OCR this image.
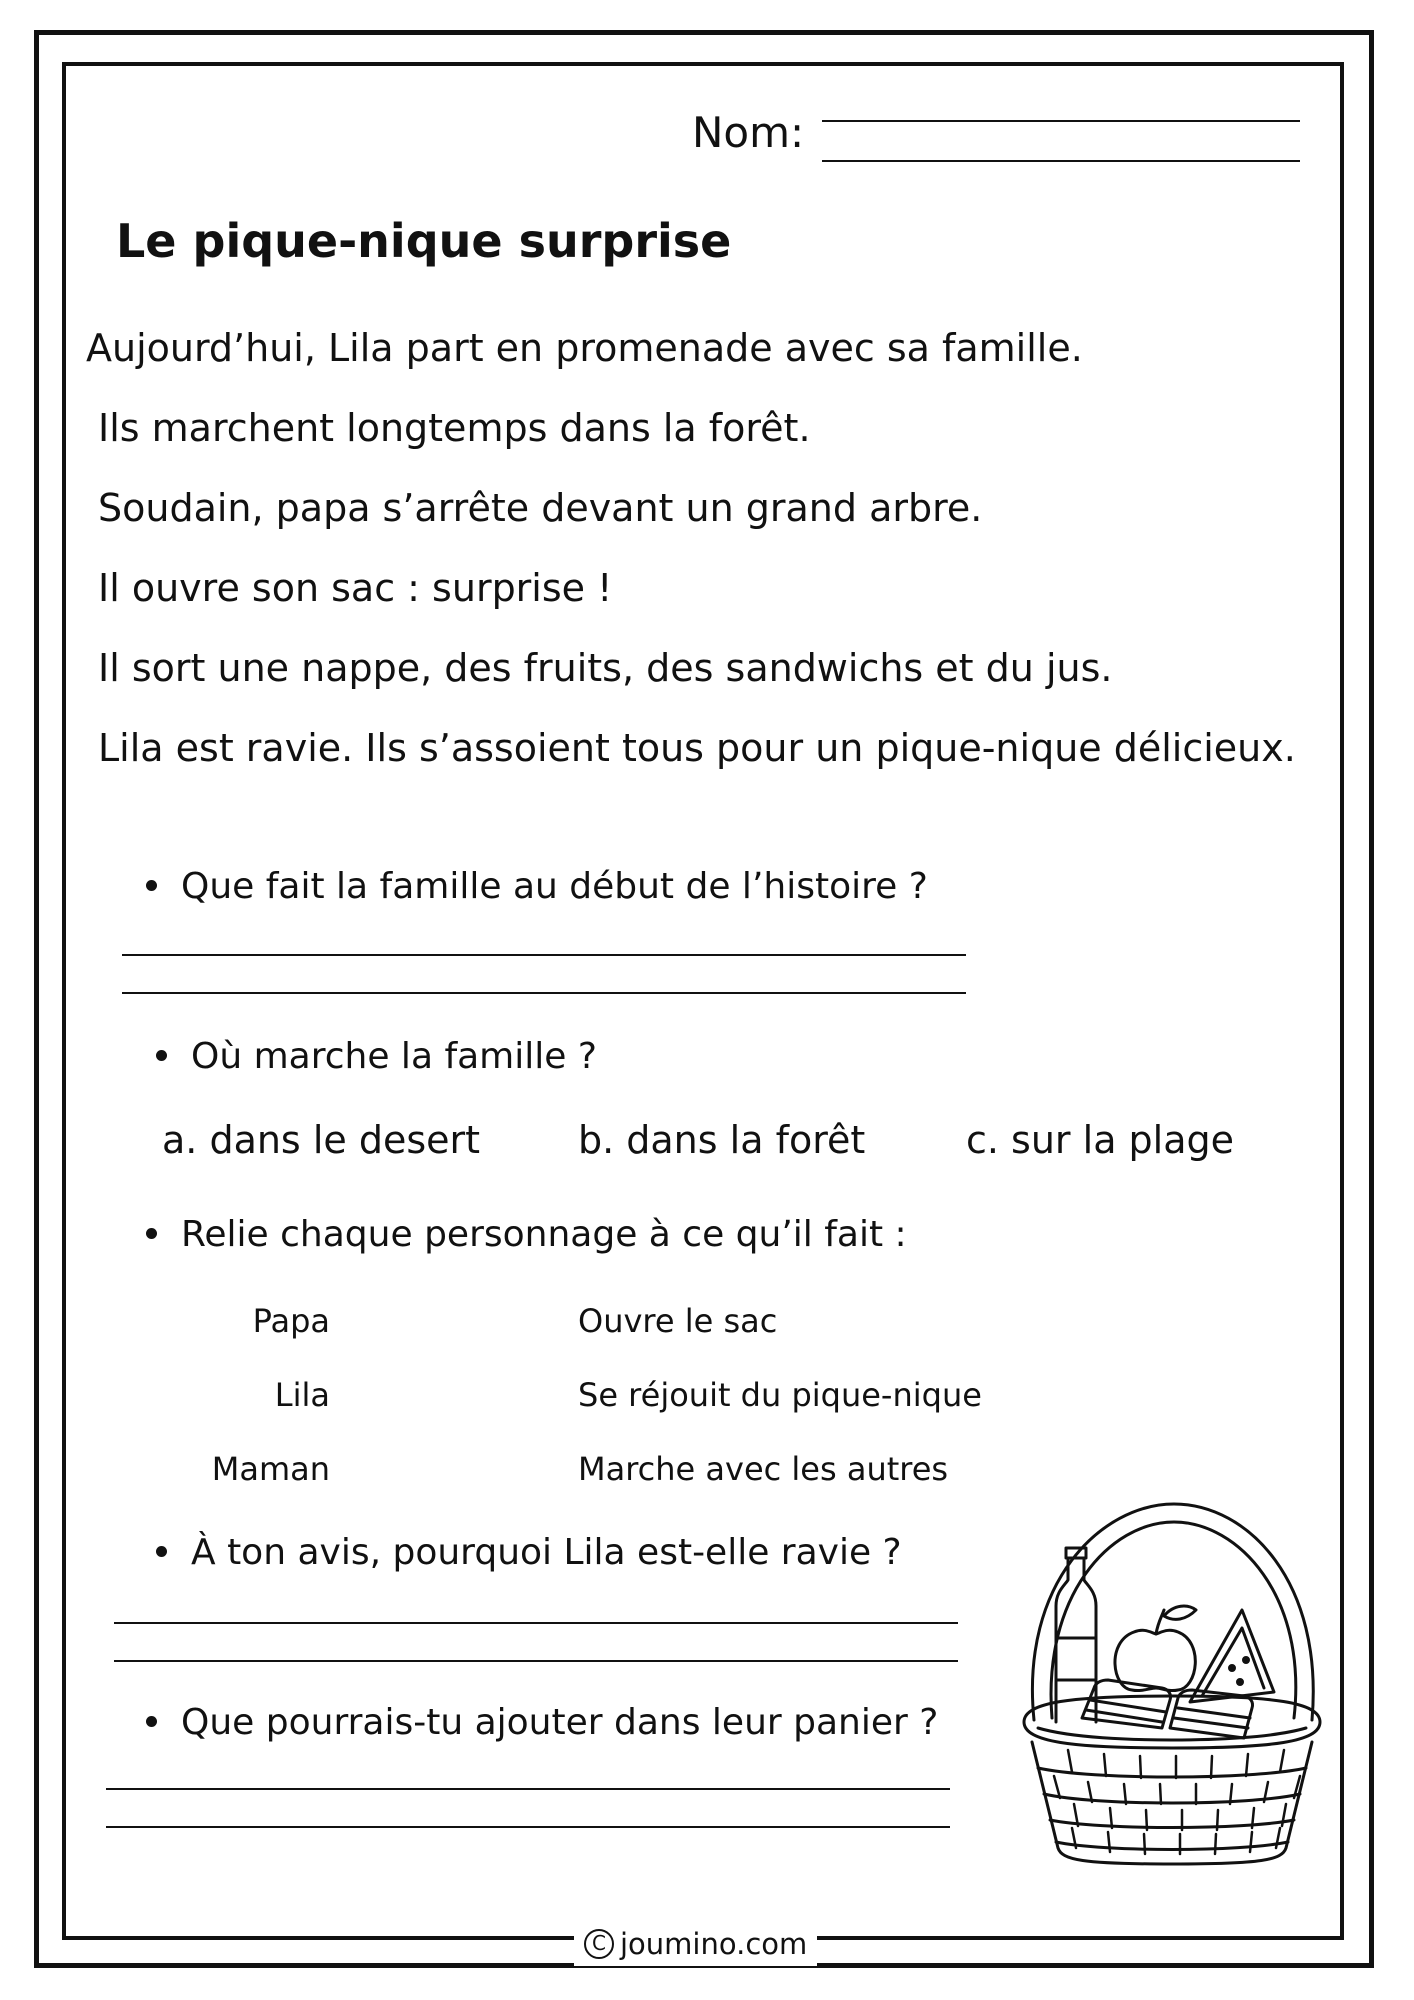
Nom:
Le pique-nique surprise
Aujourd’hui, Lila part en promenade avec sa famille.
Ils marchent longtemps dans la forêt.
Soudain, papa s’arrête devant un grand arbre.
Il ouvre son sac : surprise !
Il sort une nappe, des fruits, des sandwichs et du jus.
Lila est ravie. Ils s’assoient tous pour un pique-nique délicieux.
Que fait la famille au début de l’histoire ?
Où marche la famille ?
a. dans le desert	b. dans la forêt	c. sur la plage
Relie chaque personnage à ce qu’il fait :
Papa
Lila
Maman
Ouvre le sac
Se réjouit du pique-nique
Marche avec les autres
À ton avis, pourquoi Lila est-elle ravie ?
Que pourrais-tu ajouter dans leur panier ?
C joumino.com
